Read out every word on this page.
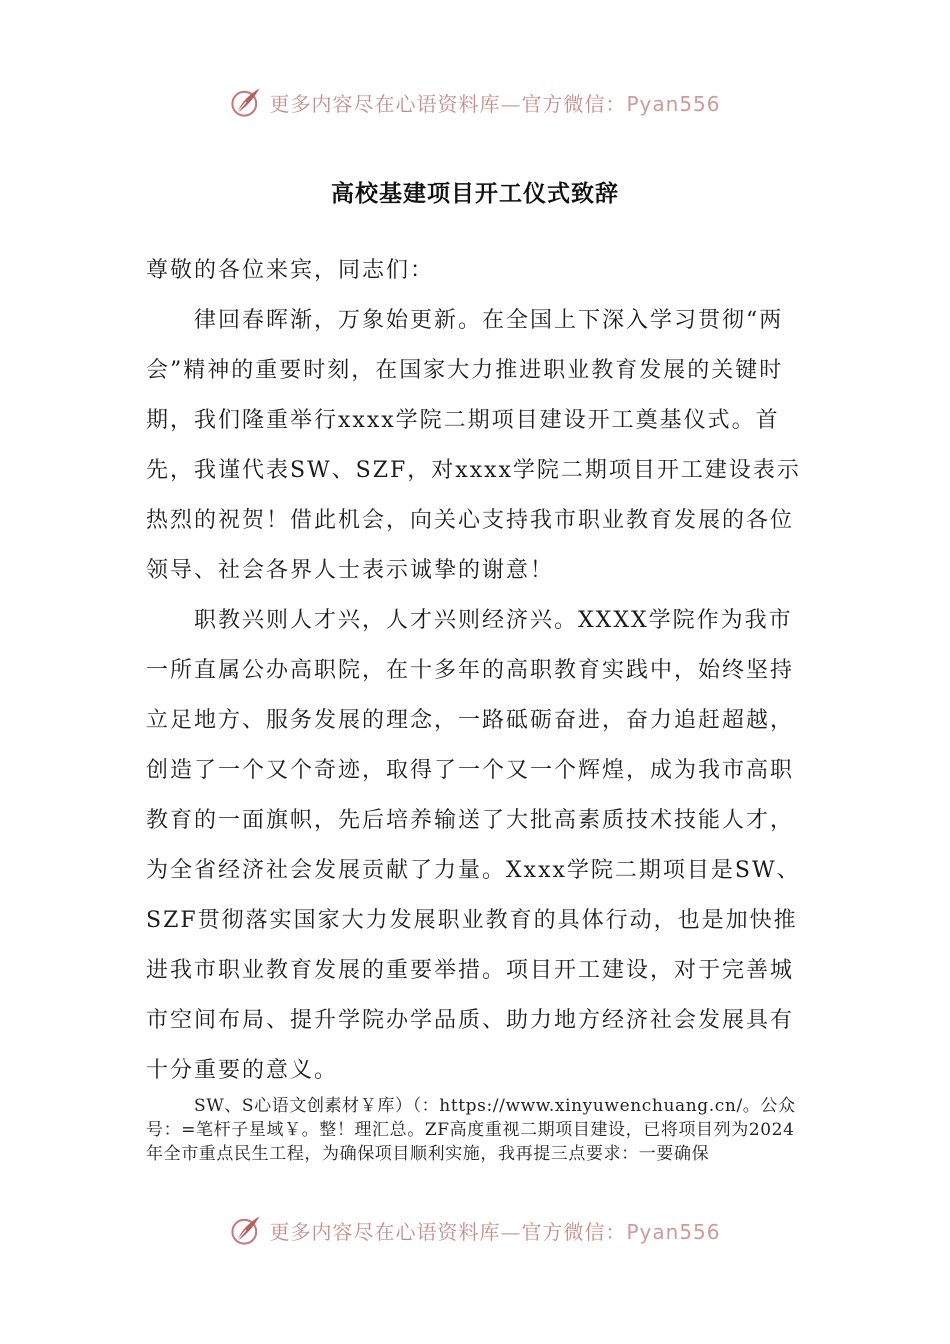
更多内容尽在心语资料库—官方微信：Pyan556
高校基建项目开工仪式致辞

尊敬的各位来宾，同志们：

律回春晖渐，万象始更新。在全国上下深入学习贯彻“两会”精神的重要时刻，在国家大力推进职业教育发展的关键时期，我们隆重举行xxxx学院二期项目建设开工奠基仪式。首先，我谨代表SW、SZF，对xxxx学院二期项目开工建设表示热烈的祝贺！借此机会，向关心支持我市职业教育发展的各位领导、社会各界人士表示诚挚的谢意！

职教兴则人才兴，人才兴则经济兴。XXXX学院作为我市一所直属公办高职院，在十多年的高职教育实践中，始终坚持立足地方、服务发展的理念，一路砥砺奋进，奋力追赶超越，创造了一个又个奇迹，取得了一个又一个辉煌，成为我市高职教育的一面旗帜，先后培养输送了大批高素质技术技能人才，为全省经济社会发展贡献了力量。Xxxx学院二期项目是SW、SZF贯彻落实国家大力发展职业教育的具体行动，也是加快推进我市职业教育发展的重要举措。项目开工建设，对于完善城市空间布局、提升学院办学品质、助力地方经济社会发展具有十分重要的意义。

SW、S心语文创素材￥库）（：https://www.xinyuwenchuang.cn/。公众号：=笔杆子星域￥。整！理汇总。ZF高度重视二期项目建设，已将项目列为2024年全市重点民生工程，为确保项目顺利实施，我再提三点要求：一要确保

更多内容尽在心语资料库—官方微信：Pyan556
